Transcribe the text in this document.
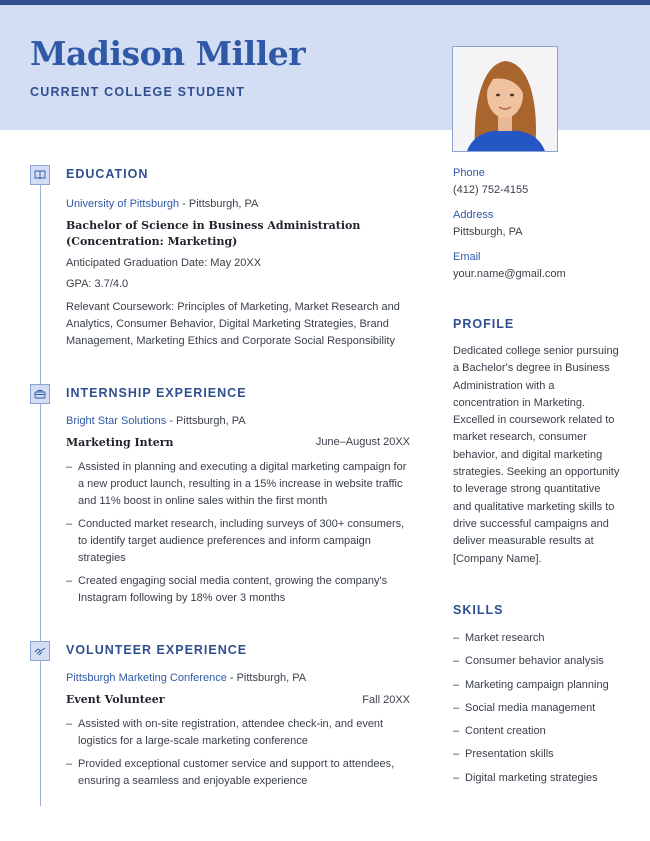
Madison Miller
CURRENT COLLEGE STUDENT
EDUCATION
University of Pittsburgh - Pittsburgh, PA
Bachelor of Science in Business Administration
(Concentration: Marketing)
Anticipated Graduation Date: May 20XX
GPA: 3.7/4.0
Relevant Coursework: Principles of Marketing, Market Research and
Analytics, Consumer Behavior, Digital Marketing Strategies, Brand
Management, Marketing Ethics and Corporate Social Responsibility
INTERNSHIP EXPERIENCE
Bright Star Solutions - Pittsburgh, PA
Marketing Intern	June–August 20XX
– Assisted in planning and executing a digital marketing campaign for
a new product launch, resulting in a 15% increase in website traffic
and 11% boost in online sales within the first month
– Conducted market research, including surveys of 300+ consumers,
to identify target audience preferences and inform campaign
strategies
– Created engaging social media content, growing the company's
Instagram following by 18% over 3 months
VOLUNTEER EXPERIENCE
Pittsburgh Marketing Conference - Pittsburgh, PA
Event Volunteer	Fall 20XX
– Assisted with on-site registration, attendee check-in, and event
logistics for a large-scale marketing conference
– Provided exceptional customer service and support to attendees,
ensuring a seamless and enjoyable experience
Phone
(412) 752-4155
Address
Pittsburgh, PA
Email
your.name@gmail.com
PROFILE
Dedicated college senior pursuing
a Bachelor's degree in Business
Administration with a
concentration in Marketing.
Excelled in coursework related to
market research, consumer
behavior, and digital marketing
strategies. Seeking an opportunity
to leverage strong quantitative
and qualitative marketing skills to
drive successful campaigns and
deliver measurable results at
[Company Name].
SKILLS
– Market research
– Consumer behavior analysis
– Marketing campaign planning
– Social media management
– Content creation
– Presentation skills
– Digital marketing strategies
